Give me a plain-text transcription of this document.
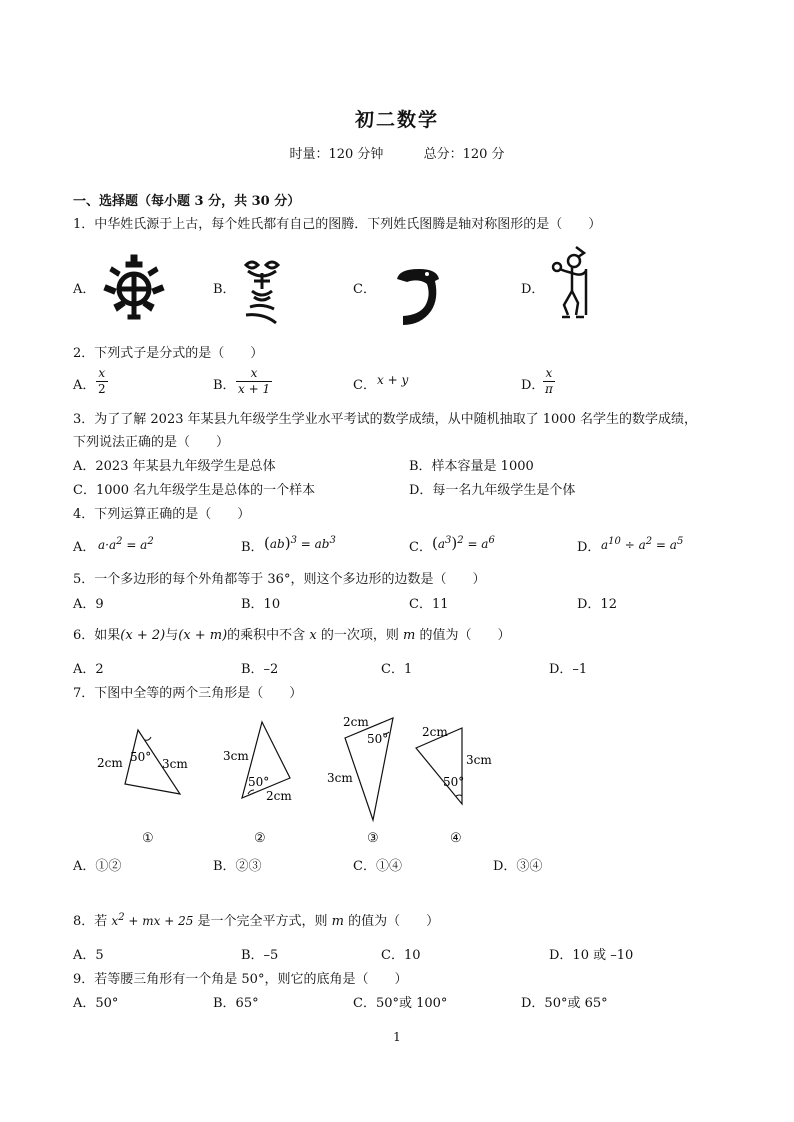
初二数学
时量：120 分钟	总分：120 分
一、选择题（每小题 3 分，共 30 分）
1．中华姓氏源于上古，每个姓氏都有自己的图腾．下列姓氏图腾是轴对称图形的是（　　）
A．	B．	C．	D．
2．下列式子是分式的是（　　）
A． $\frac{x}{2}$	B． $\frac{x}{x + 1}$	C． x + y	D．
$\frac{x}{\pi}$
3．为了了解 2023 年某县九年级学生学业水平考试的数学成绩，从中随机抽取了 1000 名学生的数学成绩，
下列说法正确的是（　　）
A．2023 年某县九年级学生是总体	B．样本容量是 1000
C．1000 名九年级学生是总体的一个样本	D．每一名九年级学生是个体
4．下列运算正确的是（　　）
A． $a\cdot a^2 = a^2$	B． $(ab)^3 = ab^3$	C． $(a^3)^2 = a^6$	D． $a^{10} \div a^2 = a^5$
5．一个多边形的每个外角都等于 36°，则这个多边形的边数是（　　）
A．9	B．10	C．11	D．12
6．如果(x + 2)与(x + m)的乘积中不含 x 的一次项，则 m 的值为（　　）
A．2	B．–2	C．1	D．–1
7．下图中全等的两个三角形是（　　）
2cm	3cm
50°	3cm
2cm
50°
2cm
3cm
50°	2cm
3cm
50°
①	②	③	④
A．①②	B．②③	C．①④	D．③④
8．若 $x^2$ + mx + 25 是一个完全平方式，则 m 的值为（　　）
A．5	B．–5	C．10	D．10 或 –10
9．若等腰三角形有一个角是 50°，则它的底角是（　　）
A．50°	B．65°	C．50°或 100°	D．50°或 65°
1
